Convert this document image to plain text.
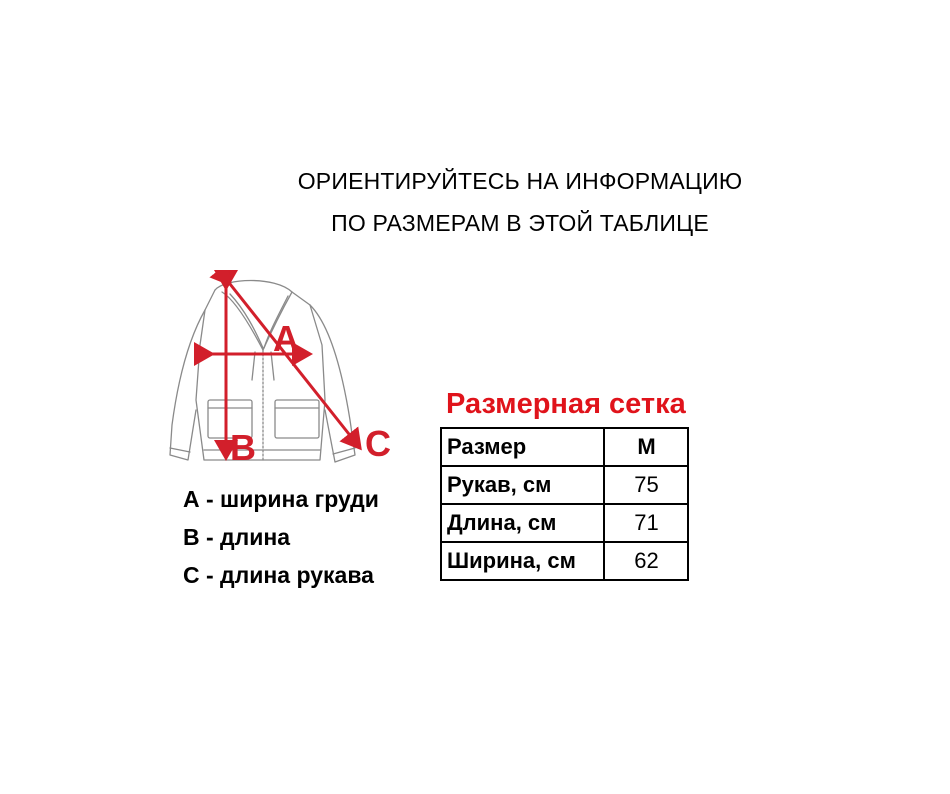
ОРИЕНТИРУЙТЕСЬ НА ИНФОРМАЦИЮ
ПО РАЗМЕРАМ В ЭТОЙ ТАБЛИЦЕ
A
B	C
А - ширина груди
В - длина
С - длина рукава
Размерная сетка
Размер	M
Рукав, см	75
Длина, см	71
Ширина, см	62
